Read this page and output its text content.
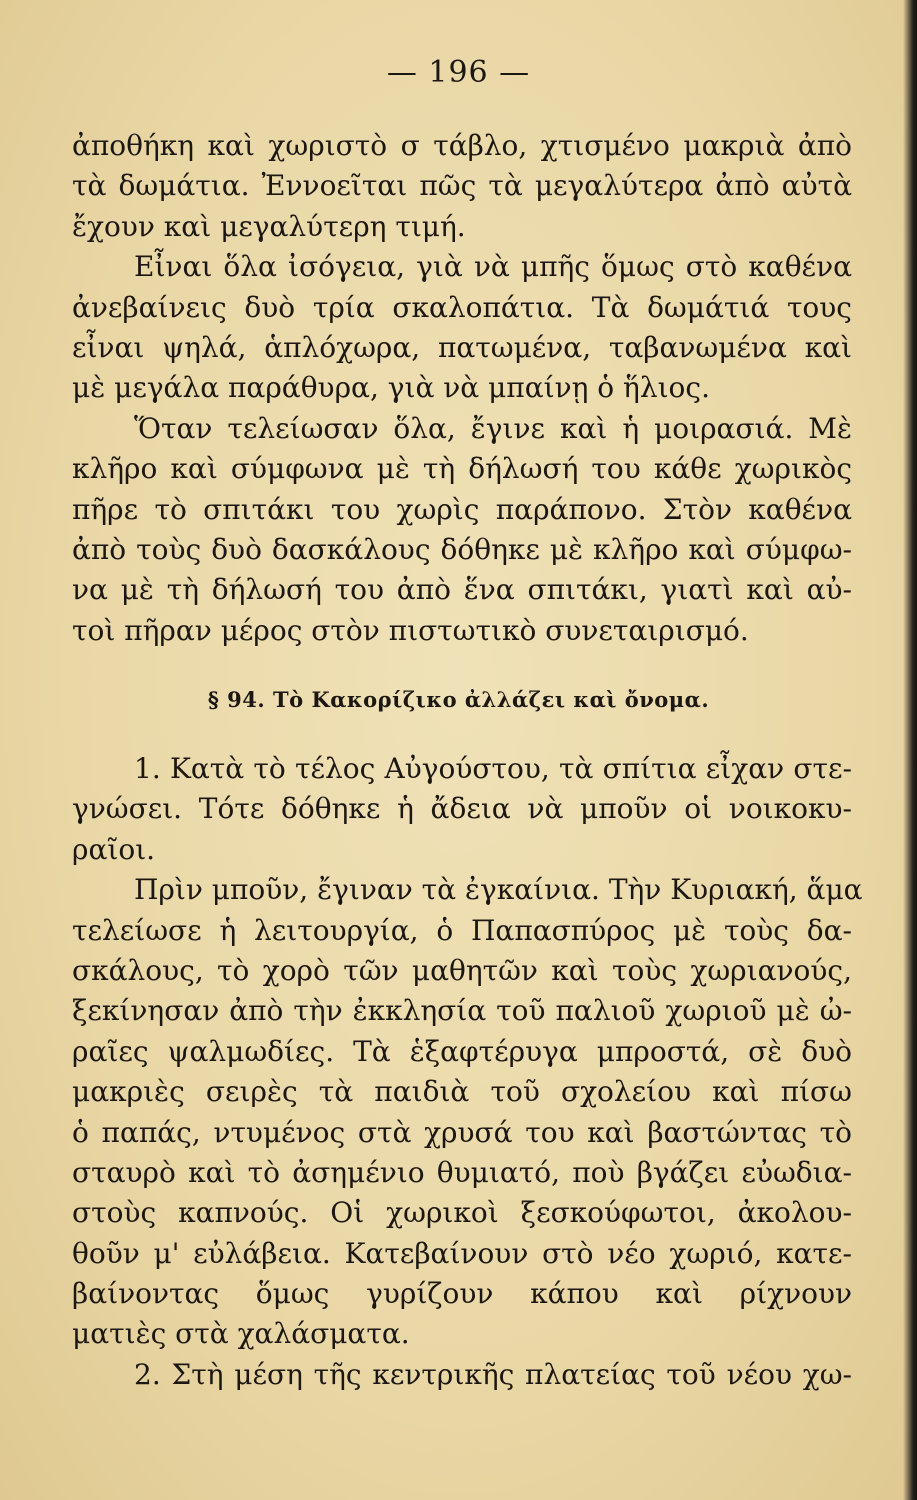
— 196 —
ἀποθήκη καὶ χωριστὸ σ τάβλο, χτισμένο μακριὰ ἀπὸ
τὰ δωμάτια. Ἐννοεῖται πῶς τὰ μεγαλύτερα ἀπὸ αὐτὰ
ἔχουν καὶ μεγαλύτερη τιμή.
Εἶναι ὅλα ἰσόγεια, γιὰ νὰ μπῆς ὅμως στὸ καθένα
ἀνεβαίνεις δυὸ τρία σκαλοπάτια. Τὰ δωμάτιά τους
εἶναι ψηλά, ἁπλόχωρα, πατωμένα, ταβανωμένα καὶ
μὲ μεγάλα παράθυρα, γιὰ νὰ μπαίνῃ ὁ ἥλιος.
Ὅταν τελείωσαν ὅλα, ἔγινε καὶ ἡ μοιρασιά. Μὲ
κλῆρο καὶ σύμφωνα μὲ τὴ δήλωσή του κάθε χωρικὸς
πῆρε τὸ σπιτάκι του χωρὶς παράπονο. Στὸν καθένα
ἀπὸ τοὺς δυὸ δασκάλους δόθηκε μὲ κλῆρο καὶ σύμφω-
να μὲ τὴ δήλωσή του ἀπὸ ἕνα σπιτάκι, γιατὶ καὶ αὐ-
τοὶ πῆραν μέρος στὸν πιστωτικὸ συνεταιρισμό.
§ 94. Τὸ Κακορίζικο ἀλλάζει καὶ ὄνομα.
1. Κατὰ τὸ τέλος Αὐγούστου, τὰ σπίτια εἶχαν στε-
γνώσει. Τότε δόθηκε ἡ ἄδεια νὰ μποῦν οἱ νοικοκυ-
ραῖοι.
Πρὶν μποῦν, ἔγιναν τὰ ἐγκαίνια. Τὴν Κυριακή, ἅμα
τελείωσε ἡ λειτουργία, ὁ Παπασπύρος μὲ τοὺς δα-
σκάλους, τὸ χορὸ τῶν μαθητῶν καὶ τοὺς χωριανούς,
ξεκίνησαν ἀπὸ τὴν ἐκκλησία τοῦ παλιοῦ χωριοῦ μὲ ὠ-
ραῖες ψαλμωδίες. Τὰ ἑξαφτέρυγα μπροστά, σὲ δυὸ
μακριὲς σειρὲς τὰ παιδιὰ τοῦ σχολείου καὶ πίσω
ὁ παπάς, ντυμένος στὰ χρυσά του καὶ βαστώντας τὸ
σταυρὸ καὶ τὸ ἀσημένιο θυμιατό, ποὺ βγάζει εὐωδια-
στοὺς καπνούς. Οἱ χωρικοὶ ξεσκούφωτοι, ἀκολου-
θοῦν μ' εὐλάβεια. Κατεβαίνουν στὸ νέο χωριό, κατε-
βαίνοντας ὅμως γυρίζουν κάπου καὶ ρίχνουν
ματιὲς στὰ χαλάσματα.
2. Στὴ μέση τῆς κεντρικῆς πλατείας τοῦ νέου χω-
